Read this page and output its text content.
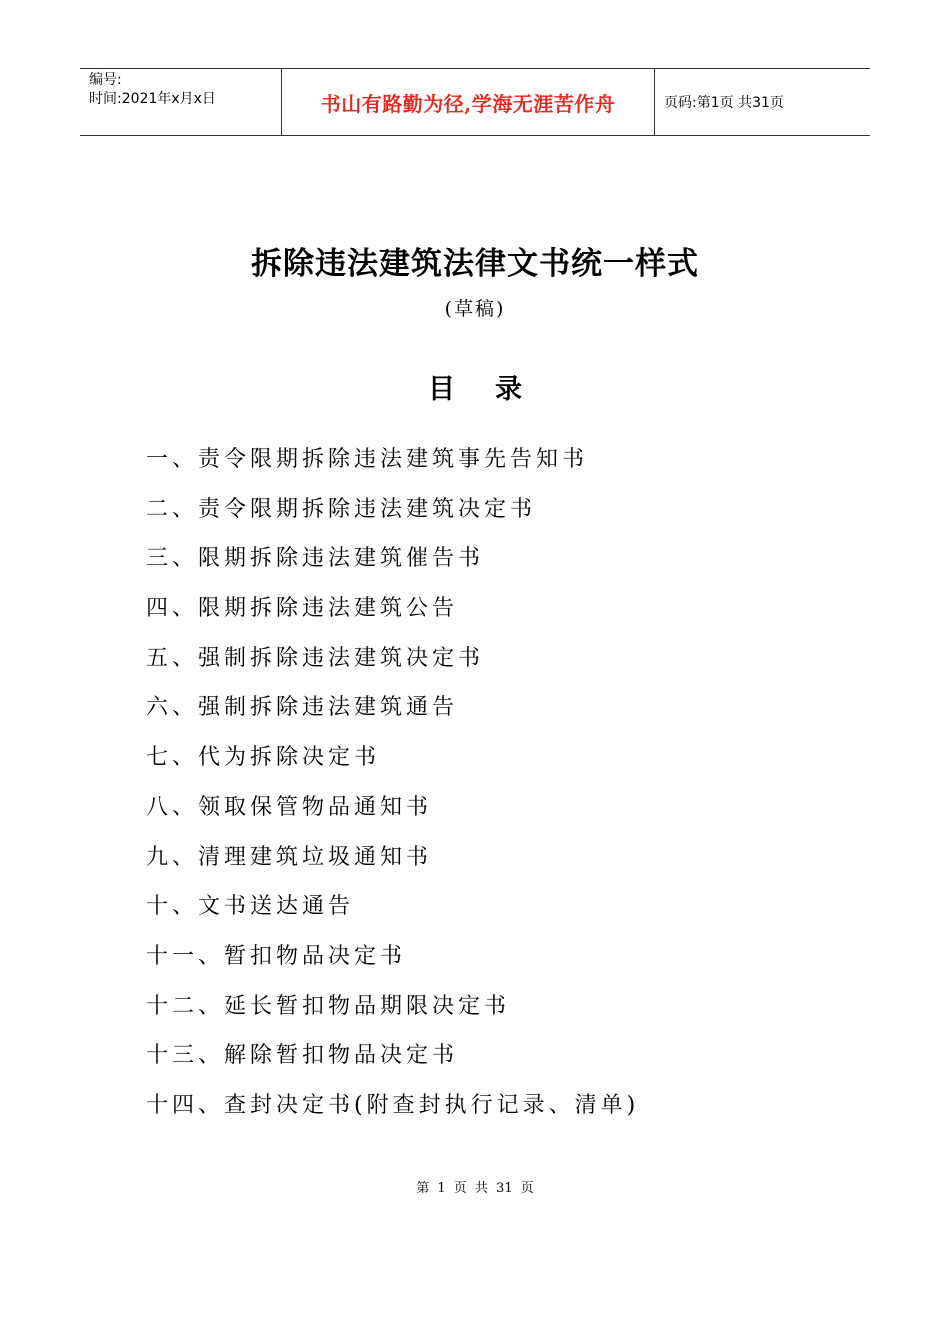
编号:
时间:2021年x月x日	书山有路勤为径,学海无涯苦作舟	页码:第1页 共31页
拆除违法建筑法律文书统一样式
(草稿)
目 录
一、责令限期拆除违法建筑事先告知书
二、责令限期拆除违法建筑决定书
三、限期拆除违法建筑催告书
四、限期拆除违法建筑公告
五、强制拆除违法建筑决定书
六、强制拆除违法建筑通告
七、代为拆除决定书
八、领取保管物品通知书
九、清理建筑垃圾通知书
十、文书送达通告
十一、暂扣物品决定书
十二、延长暂扣物品期限决定书
十三、解除暂扣物品决定书
十四、查封决定书(附查封执行记录、清单)
第 1 页 共 31 页
